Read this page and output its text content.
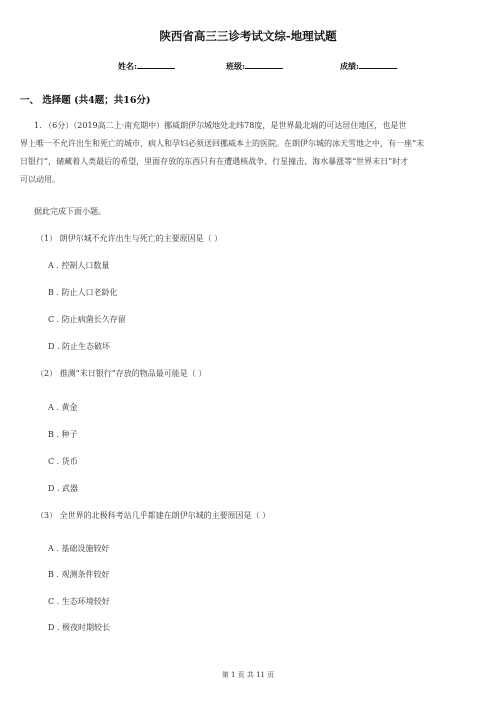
陕西省高三三诊考试文综-地理试题
姓名:	班级:	成绩:
一、 选择题 (共4题；共16分)
1. （6分）（2019高二上·南充期中）挪威朗伊尔城地处北纬78度，是世界最北端的可达居住地区，也是世
界上唯一不允许出生和死亡的城市，病人和孕妇必须送回挪威本土的医院。在朗伊尔城的冰天雪地之中，有一座“末
日银行”，储藏着人类最后的希望，里面存放的东西只有在遭遇核战争、行星撞击、海水暴涨等“世界末日”时才
可以动用。
据此完成下面小题。
（1） 朗伊尔城不允许出生与死亡的主要原因是（ ）
A . 控制人口数量
B . 防止人口老龄化
C . 防止病菌长久存留
D . 防止生态破坏
（2） 推测“末日银行”存放的物品最可能是（ ）
A . 黄金
B . 种子
C . 货币
D . 武器
（3） 全世界的北极科考站几乎都建在朗伊尔城的主要原因是（ ）
A . 基础设施较好
B . 观测条件较好
C . 生态环境较好
D . 极夜时期较长
第 1 页 共 11 页
